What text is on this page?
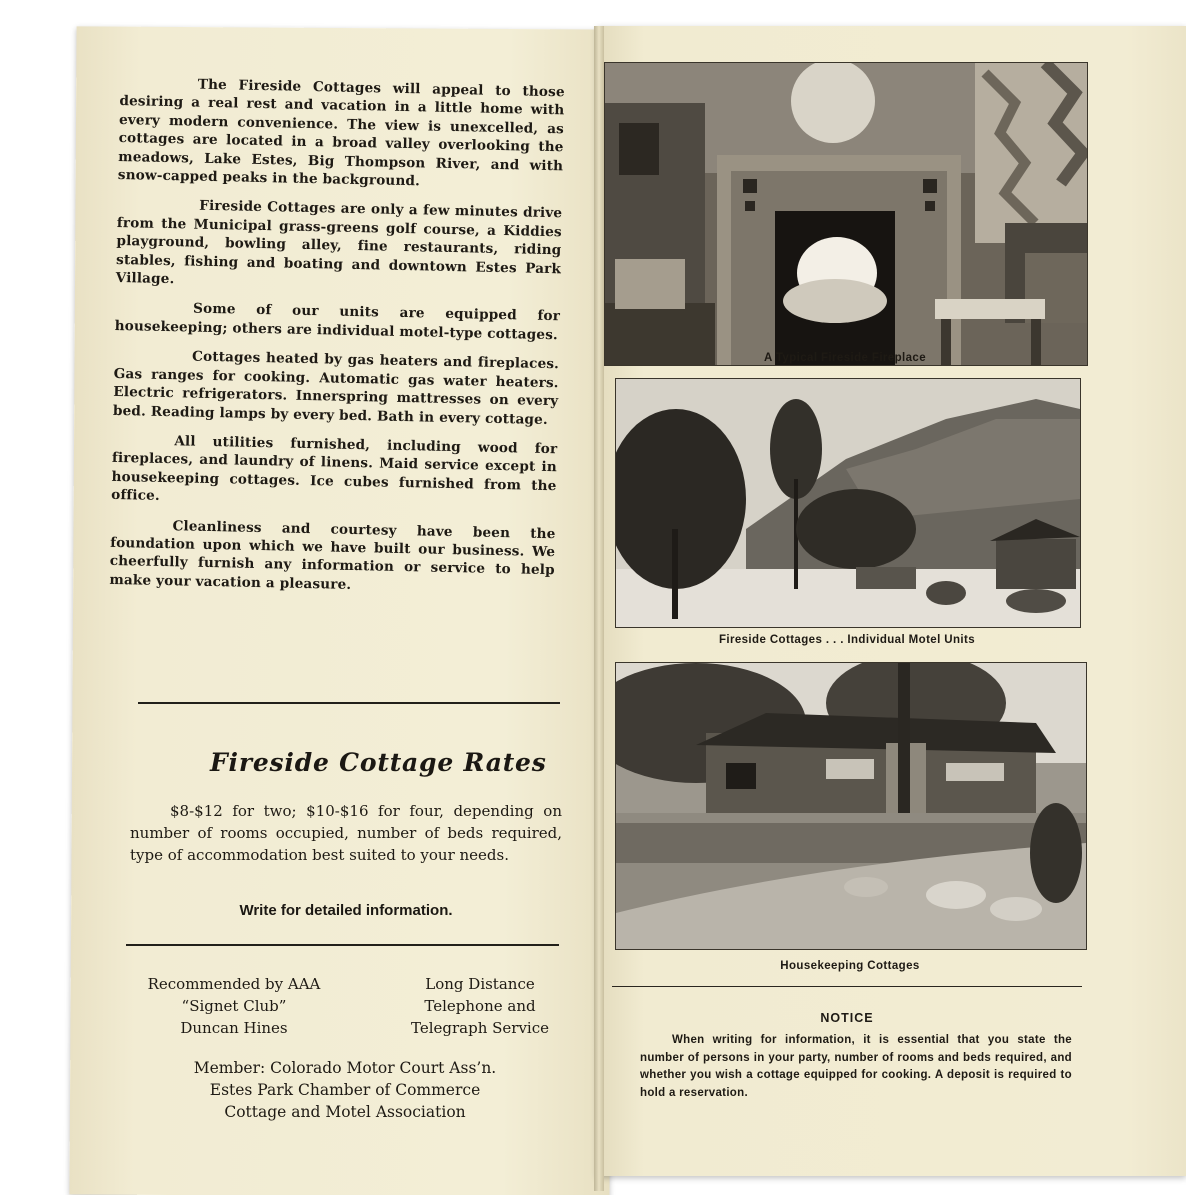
The Fireside Cottages will appeal to those desiring a real rest and vacation in a little home with every modern convenience. The view is unexcelled, as cottages are located in a broad valley overlooking the meadows, Lake Estes, Big Thompson River, and with snow-capped peaks in the background.

Fireside Cottages are only a few minutes drive from the Municipal grass-greens golf course, a Kiddies playground, bowling alley, fine restaurants, riding stables, fishing and boating and downtown Estes Park Village.

Some of our units are equipped for housekeeping; others are individual motel-type cottages.

Cottages heated by gas heaters and fireplaces. Gas ranges for cooking. Automatic gas water heaters. Electric refrigerators. Innerspring mattresses on every bed. Reading lamps by every bed. Bath in every cottage.

All utilities furnished, including wood for fireplaces, and laundry of linens. Maid service except in housekeeping cottages. Ice cubes furnished from the office.

Cleanliness and courtesy have been the foundation upon which we have built our business. We cheerfully furnish any information or service to help make your vacation a pleasure.

Fireside Cottage Rates
$8-$12 for two; $10-$16 for four, depending on number of rooms occupied, number of beds required, type of accommodation best suited to your needs.
Write for detailed information.
Recommended by AAA
“Signet Club”
Duncan Hines
Long Distance
Telephone and
Telegraph Service
Member: Colorado Motor Court Ass’n.
Estes Park Chamber of Commerce
Cottage and Motel Association
A Typical Fireside Fireplace
Fireside Cottages . . . Individual Motel Units
Housekeeping Cottages
NOTICE
When writing for information, it is essential that you state the number of persons in your party, number of rooms and beds required, and whether you wish a cottage equipped for cooking. A deposit is required to hold a reservation.
